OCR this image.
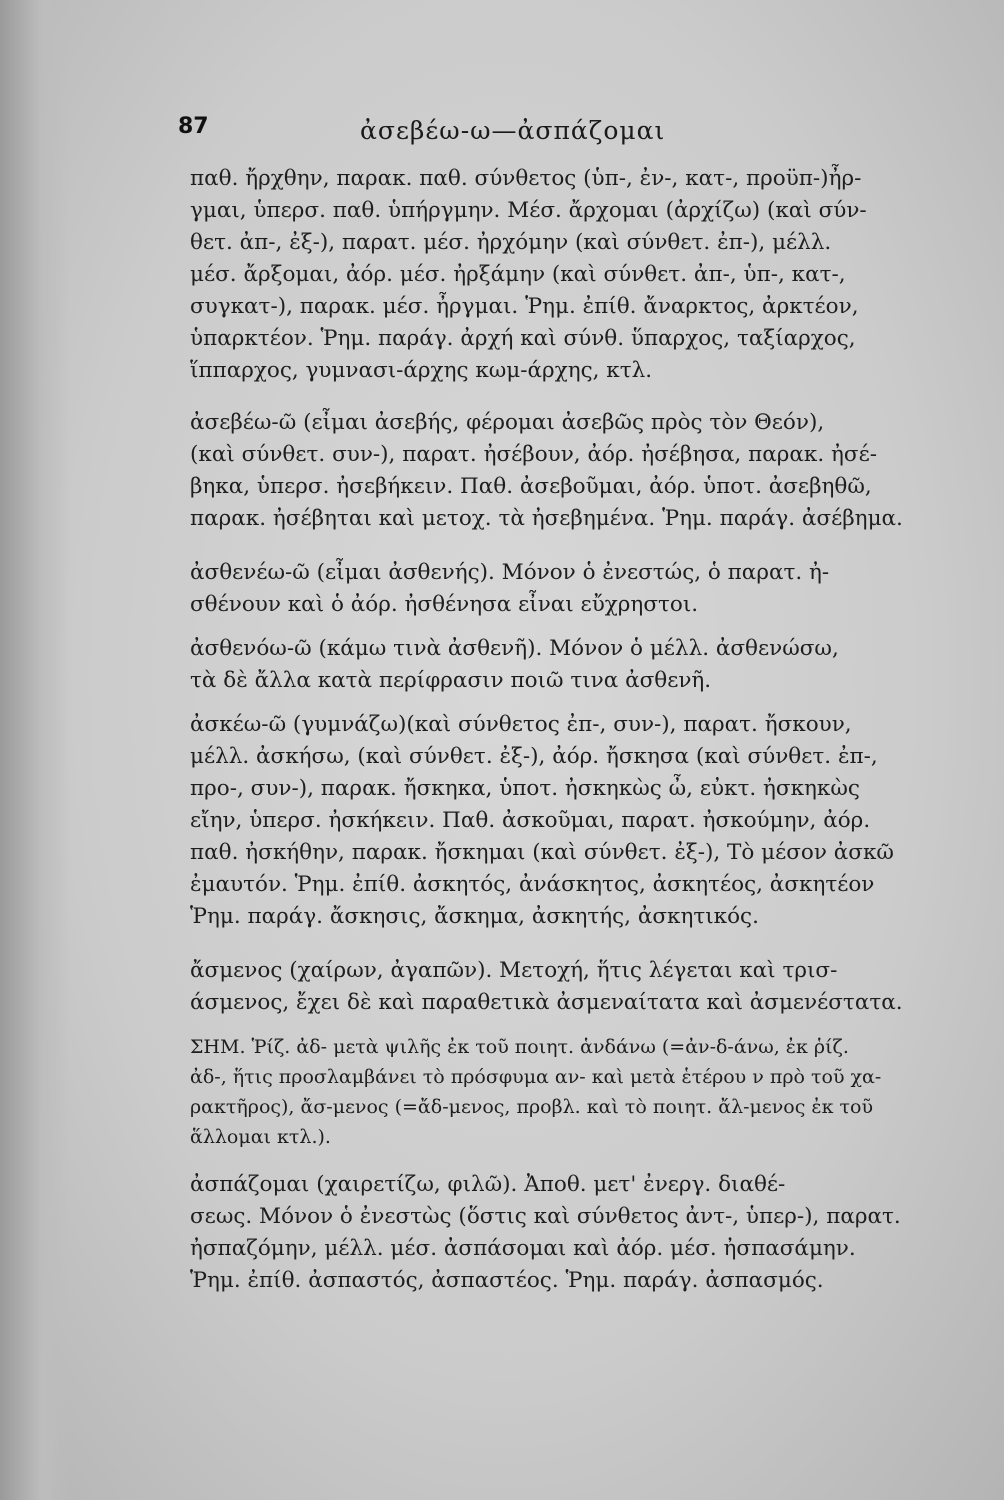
87	ἀσεβέω-ω—ἀσπάζομαι
παθ. ἤρχθην, παρακ. παθ. σύνθετος (ὑπ-, ἐν-, κατ-, προϋπ-)ἦρ-
γμαι, ὑπερσ. παθ. ὑπήργμην. Μέσ. ἄρχομαι (ἀρχίζω) (καὶ σύν-
θετ. ἀπ-, ἐξ-), παρατ. μέσ. ἠρχόμην (καὶ σύνθετ. ἐπ-), μέλλ.
μέσ. ἄρξομαι, ἀόρ. μέσ. ἠρξάμην (καὶ σύνθετ. ἀπ-, ὑπ-, κατ-,
συγκατ-), παρακ. μέσ. ἦργμαι. Ῥημ. ἐπίθ. ἄναρκτος, ἀρκτέον,
ὑπαρκτέον. Ῥημ. παράγ. ἀρχή καὶ σύνθ. ὕπαρχος, ταξίαρχος,
ἵππαρχος, γυμνασι-άρχης κωμ-άρχης, κτλ.
ἀσεβέω-ῶ (εἶμαι ἀσεβής, φέρομαι ἀσεβῶς πρὸς τὸν Θεόν),
(καὶ σύνθετ. συν-), παρατ. ἠσέβουν, ἀόρ. ἠσέβησα, παρακ. ἠσέ-
βηκα, ὑπερσ. ἠσεβήκειν. Παθ. ἀσεβοῦμαι, ἀόρ. ὑποτ. ἀσεβηθῶ,
παρακ. ἠσέβηται καὶ μετοχ. τὰ ἠσεβημένα. Ῥημ. παράγ. ἀσέβημα.
ἀσθενέω-ῶ (εἶμαι ἀσθενής). Μόνον ὁ ἐνεστώς, ὁ παρατ. ἠ-
σθένουν καὶ ὁ ἀόρ. ἠσθένησα εἶναι εὔχρηστοι.
ἀσθενόω-ῶ (κάμω τινὰ ἀσθενῆ). Μόνον ὁ μέλλ. ἀσθενώσω,
τὰ δὲ ἄλλα κατὰ περίφρασιν ποιῶ τινα ἀσθενῆ.
ἀσκέω-ῶ (γυμνάζω)(καὶ σύνθετος ἐπ-, συν-), παρατ. ἤσκουν,
μέλλ. ἀσκήσω, (καὶ σύνθετ. ἐξ-), ἀόρ. ἤσκησα (καὶ σύνθετ. ἐπ-,
προ-, συν-), παρακ. ἤσκηκα, ὑποτ. ἠσκηκὼς ὦ, εὐκτ. ἠσκηκὼς
εἴην, ὑπερσ. ἠσκήκειν. Παθ. ἀσκοῦμαι, παρατ. ἠσκούμην, ἀόρ.
παθ. ἠσκήθην, παρακ. ἤσκημαι (καὶ σύνθετ. ἐξ-), Τὸ μέσον ἀσκῶ
ἐμαυτόν. Ῥημ. ἐπίθ. ἀσκητός, ἀνάσκητος, ἀσκητέος, ἀσκητέον
Ῥημ. παράγ. ἄσκησις, ἄσκημα, ἀσκητής, ἀσκητικός.
ἄσμενος (χαίρων, ἀγαπῶν). Μετοχή, ἥτις λέγεται καὶ τρισ-
άσμενος, ἔχει δὲ καὶ παραθετικὰ ἀσμεναίτατα καὶ ἀσμενέστατα.
ΣΗΜ. Ῥίζ. ἀδ- μετὰ ψιλῆς ἐκ τοῦ ποιητ. ἁνδάνω (=ἀν-δ-άνω, ἐκ ῥίζ.
ἀδ-, ἥτις προσλαμβάνει τὸ πρόσφυμα αν- καὶ μετὰ ἑτέρου ν πρὸ τοῦ χα-
ρακτῆρος), ἄσ-μενος (=ἄδ-μενος, προβλ. καὶ τὸ ποιητ. ἄλ-μενος ἐκ τοῦ
ἅλλομαι κτλ.).
ἀσπάζομαι (χαιρετίζω, φιλῶ). Ἀποθ. μετ' ἐνεργ. διαθέ-
σεως. Μόνον ὁ ἐνεστὼς (ὅστις καὶ σύνθετος ἀντ-, ὑπερ-), παρατ.
ἠσπαζόμην, μέλλ. μέσ. ἀσπάσομαι καὶ ἀόρ. μέσ. ἠσπασάμην.
Ῥημ. ἐπίθ. ἀσπαστός, ἀσπαστέος. Ῥημ. παράγ. ἀσπασμός.
